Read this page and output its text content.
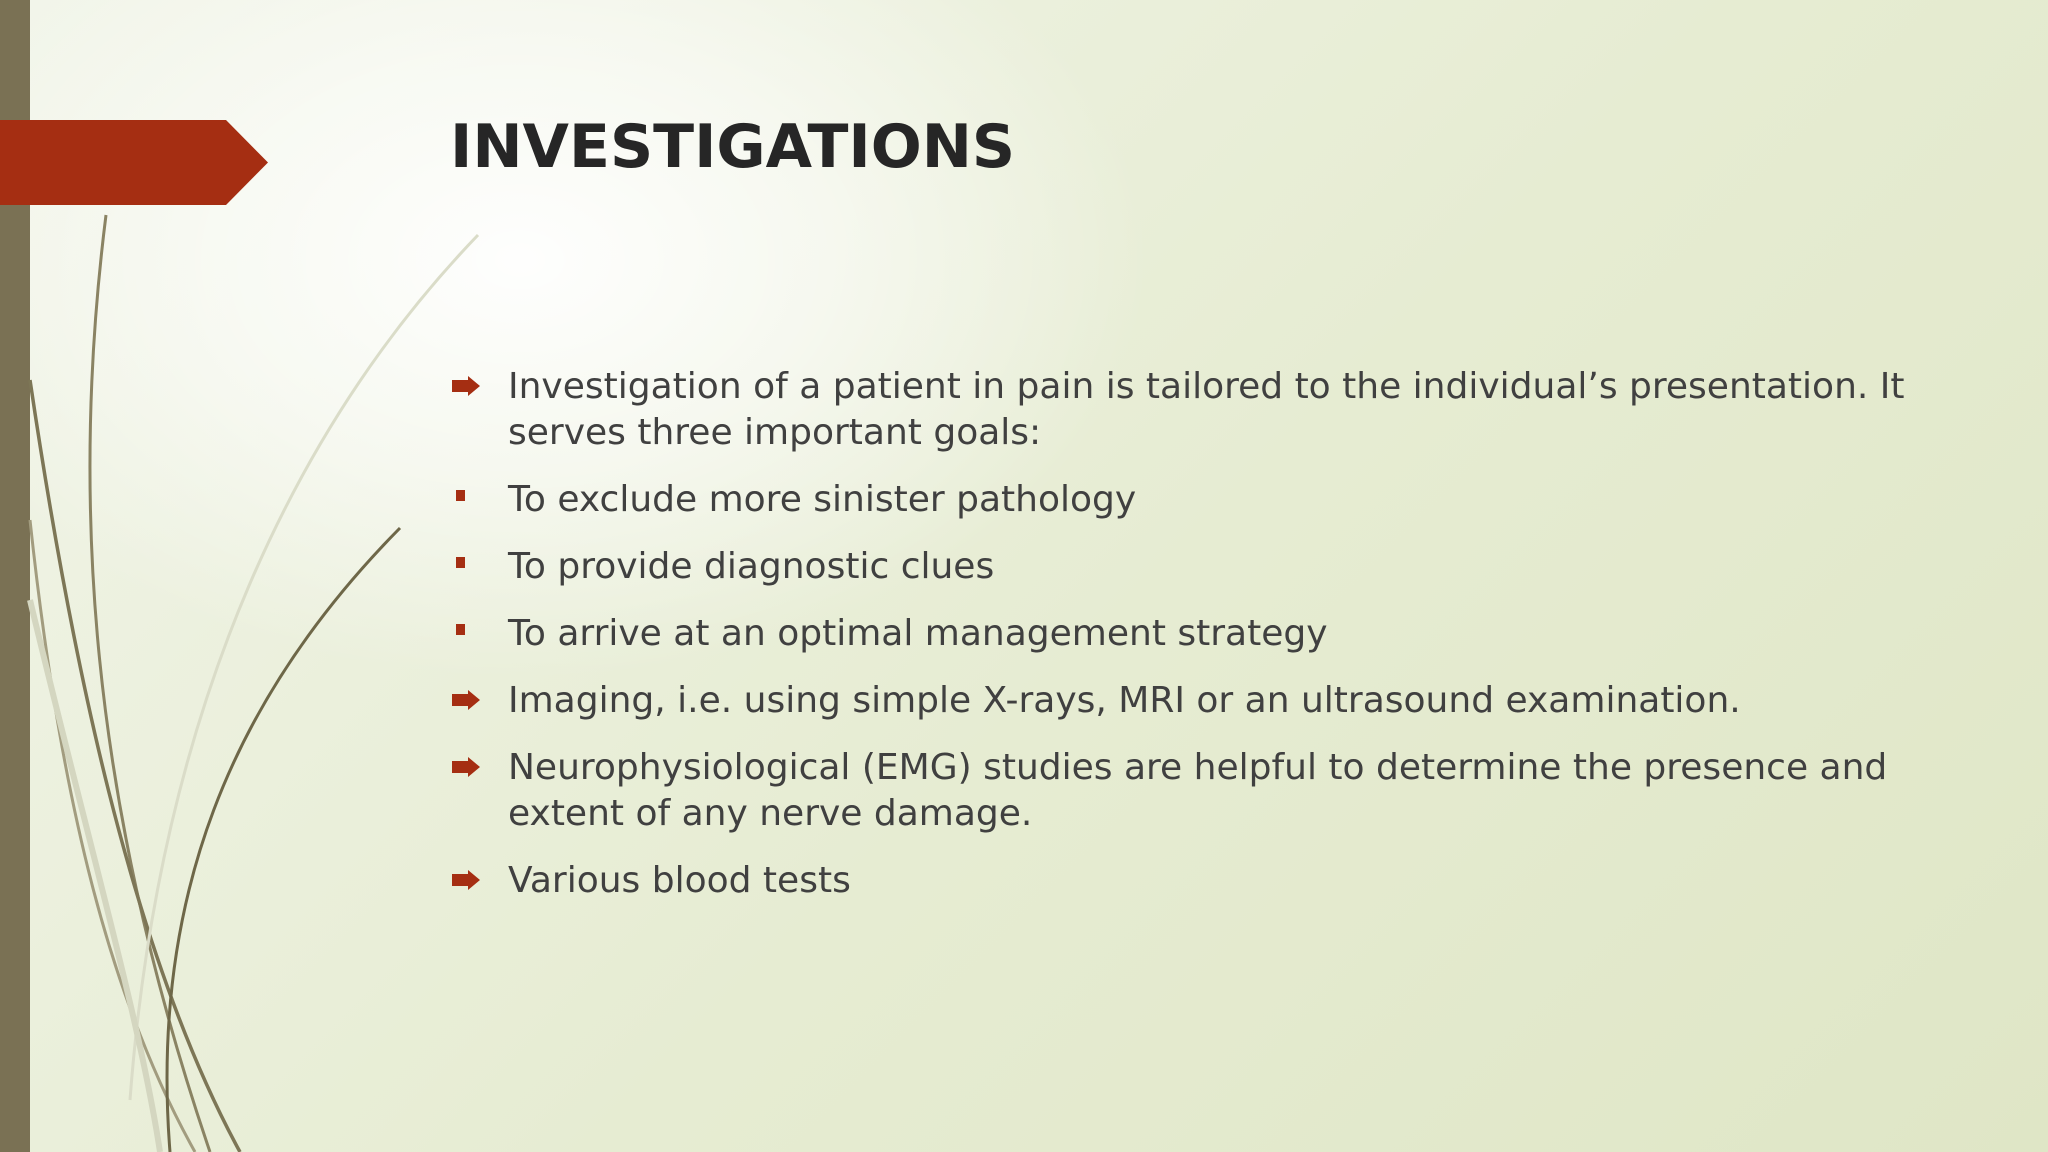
INVESTIGATIONS
Investigation of a patient in pain is tailored to the individual’s presentation. It serves three important goals:
To exclude more sinister pathology
To provide diagnostic clues
To arrive at an optimal management strategy
Imaging, i.e. using simple X-rays, MRI or an ultrasound examination.
Neurophysiological (EMG) studies are helpful to determine the presence and extent of any nerve damage.
Various blood tests
